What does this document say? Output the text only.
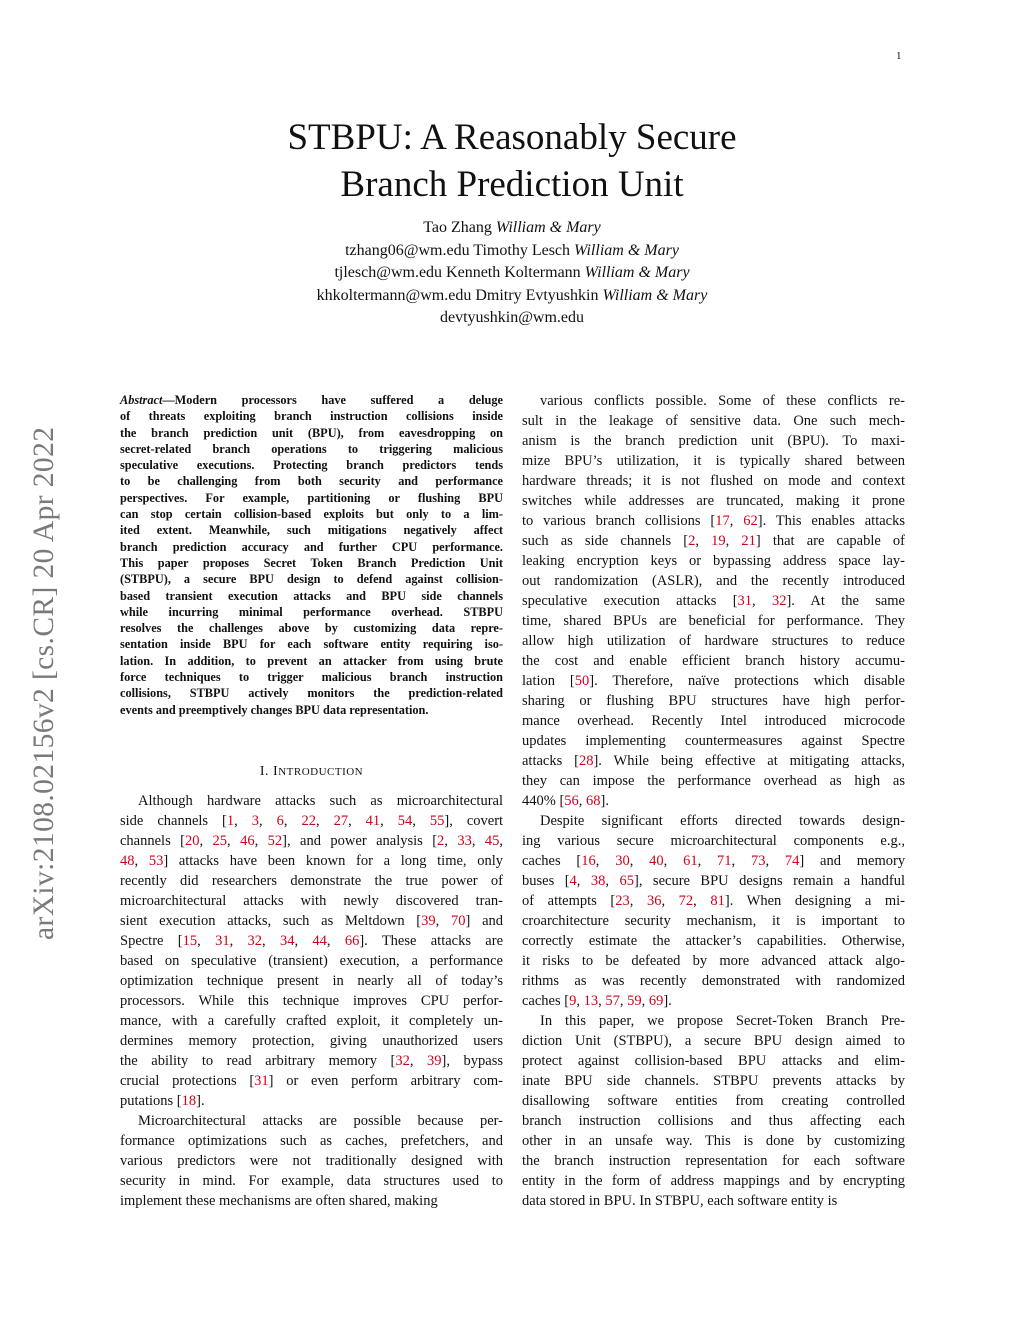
1
arXiv:2108.02156v2 [cs.CR] 20 Apr 2022
STBPU: A Reasonably Secure
Branch Prediction Unit
Tao Zhang William & Mary
tzhang06@wm.edu Timothy Lesch William & Mary
tjlesch@wm.edu Kenneth Koltermann William & Mary
khkoltermann@wm.edu Dmitry Evtyushkin William & Mary
devtyushkin@wm.edu
Abstract—Modern processors have suffered a deluge
of threats exploiting branch instruction collisions inside
the branch prediction unit (BPU), from eavesdropping on
secret-related branch operations to triggering malicious
speculative executions. Protecting branch predictors tends
to be challenging from both security and performance
perspectives. For example, partitioning or flushing BPU
can stop certain collision-based exploits but only to a lim-
ited extent. Meanwhile, such mitigations negatively affect
branch prediction accuracy and further CPU performance.
This paper proposes Secret Token Branch Prediction Unit
(STBPU), a secure BPU design to defend against collision-
based transient execution attacks and BPU side channels
while incurring minimal performance overhead. STBPU
resolves the challenges above by customizing data repre-
sentation inside BPU for each software entity requiring iso-
lation. In addition, to prevent an attacker from using brute
force techniques to trigger malicious branch instruction
collisions, STBPU actively monitors the prediction-related
events and preemptively changes BPU data representation.
I. INTRODUCTION
Although hardware attacks such as microarchitectural
side channels [1, 3, 6, 22, 27, 41, 54, 55], covert
channels [20, 25, 46, 52], and power analysis [2, 33, 45,
48, 53] attacks have been known for a long time, only
recently did researchers demonstrate the true power of
microarchitectural attacks with newly discovered tran-
sient execution attacks, such as Meltdown [39, 70] and
Spectre [15, 31, 32, 34, 44, 66]. These attacks are
based on speculative (transient) execution, a performance
optimization technique present in nearly all of today’s
processors. While this technique improves CPU perfor-
mance, with a carefully crafted exploit, it completely un-
dermines memory protection, giving unauthorized users
the ability to read arbitrary memory [32, 39], bypass
crucial protections [31] or even perform arbitrary com-
putations [18].
Microarchitectural attacks are possible because per-
formance optimizations such as caches, prefetchers, and
various predictors were not traditionally designed with
security in mind. For example, data structures used to
implement these mechanisms are often shared, making
various conflicts possible. Some of these conflicts re-
sult in the leakage of sensitive data. One such mech-
anism is the branch prediction unit (BPU). To maxi-
mize BPU’s utilization, it is typically shared between
hardware threads; it is not flushed on mode and context
switches while addresses are truncated, making it prone
to various branch collisions [17, 62]. This enables attacks
such as side channels [2, 19, 21] that are capable of
leaking encryption keys or bypassing address space lay-
out randomization (ASLR), and the recently introduced
speculative execution attacks [31, 32]. At the same
time, shared BPUs are beneficial for performance. They
allow high utilization of hardware structures to reduce
the cost and enable efficient branch history accumu-
lation [50]. Therefore, naïve protections which disable
sharing or flushing BPU structures have high perfor-
mance overhead. Recently Intel introduced microcode
updates implementing countermeasures against Spectre
attacks [28]. While being effective at mitigating attacks,
they can impose the performance overhead as high as
440% [56, 68].
Despite significant efforts directed towards design-
ing various secure microarchitectural components e.g.,
caches [16, 30, 40, 61, 71, 73, 74] and memory
buses [4, 38, 65], secure BPU designs remain a handful
of attempts [23, 36, 72, 81]. When designing a mi-
croarchitecture security mechanism, it is important to
correctly estimate the attacker’s capabilities. Otherwise,
it risks to be defeated by more advanced attack algo-
rithms as was recently demonstrated with randomized
caches [9, 13, 57, 59, 69].
In this paper, we propose Secret-Token Branch Pre-
diction Unit (STBPU), a secure BPU design aimed to
protect against collision-based BPU attacks and elim-
inate BPU side channels. STBPU prevents attacks by
disallowing software entities from creating controlled
branch instruction collisions and thus affecting each
other in an unsafe way. This is done by customizing
the branch instruction representation for each software
entity in the form of address mappings and by encrypting
data stored in BPU. In STBPU, each software entity is
